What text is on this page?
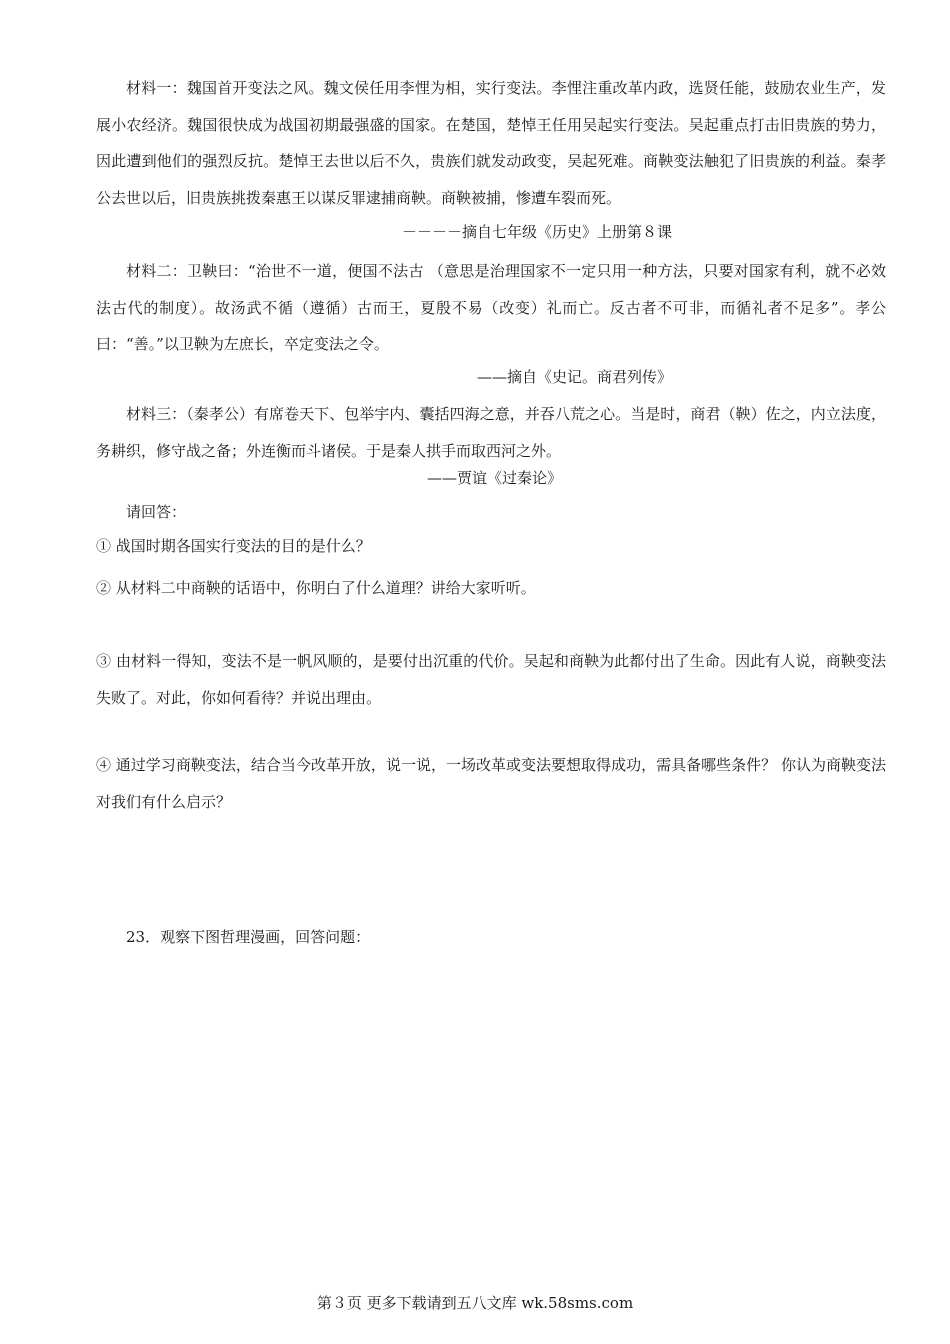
材料一：魏国首开变法之风。魏文侯任用李悝为相，实行变法。李悝注重改革内政，选贤任能，鼓励农业生产，发展小农经济。魏国很快成为战国初期最强盛的国家。在楚国，楚悼王任用吴起实行变法。吴起重点打击旧贵族的势力，因此遭到他们的强烈反抗。楚悼王去世以后不久，贵族们就发动政变，吴起死难。商鞅变法触犯了旧贵族的利益。秦孝公去世以后，旧贵族挑拨秦惠王以谋反罪逮捕商鞅。商鞅被捕，惨遭车裂而死。
－－－－摘自七年级《历史》上册第８课
材料二：卫鞅曰：“治世不一道，便国不法古 （意思是治理国家不一定只用一种方法，只要对国家有利，就不必效法古代的制度）。故汤武不循（遵循）古而王，夏殷不易（改变）礼而亡。反古者不可非，而循礼者不足多”。孝公曰：“善。”以卫鞅为左庶长，卒定变法之令。
——摘自《史记。商君列传》
材料三：（秦孝公）有席卷天下、包举宇内、囊括四海之意，并吞八荒之心。当是时，商君（鞅）佐之，内立法度，务耕织，修守战之备；外连衡而斗诸侯。于是秦人拱手而取西河之外。
——贾谊《过秦论》
请回答：
① 战国时期各国实行变法的目的是什么？
② 从材料二中商鞅的话语中，你明白了什么道理？讲给大家听听。
③ 由材料一得知，变法不是一帆风顺的，是要付出沉重的代价。吴起和商鞅为此都付出了生命。因此有人说，商鞅变法失败了。对此，你如何看待？并说出理由。
④ 通过学习商鞅变法，结合当今改革开放，说一说，一场改革或变法要想取得成功，需具备哪些条件？ 你认为商鞅变法对我们有什么启示？
23．观察下图哲理漫画，回答问题：
第３页 更多下载请到五八文库 wk.58sms.com
